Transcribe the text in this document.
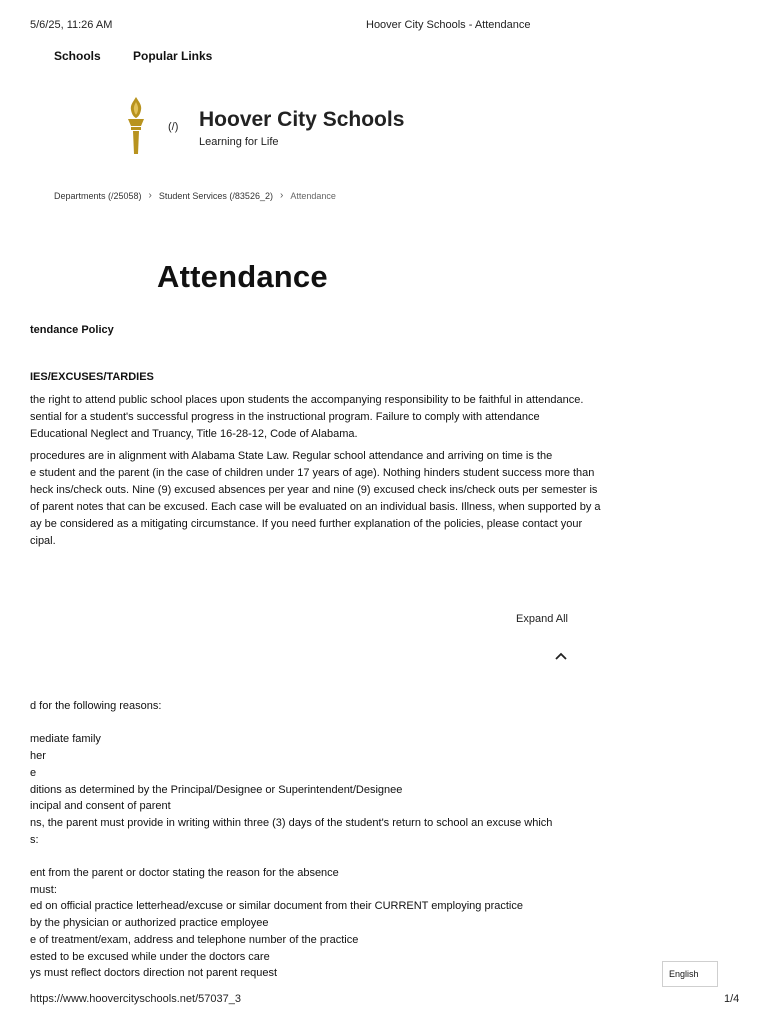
5/6/25, 11:26 AM	Hoover City Schools - Attendance
Schools	Popular Links
(/) Hoover City Schools
Learning for Life
Departments (/25058) › Student Services (/83526_2) › Attendance
Attendance
tendance Policy
IES/EXCUSES/TARDIES
the right to attend public school places upon students the accompanying responsibility to be faithful in attendance.
sential for a student's successful progress in the instructional program. Failure to comply with attendance
Educational Neglect and Truancy, Title 16-28-12, Code of Alabama.
procedures are in alignment with Alabama State Law. Regular school attendance and arriving on time is the
e student and the parent (in the case of children under 17 years of age). Nothing hinders student success more than
heck ins/check outs. Nine (9) excused absences per year and nine (9) excused check ins/check outs per semester is
of parent notes that can be excused. Each case will be evaluated on an individual basis. Illness, when supported by a
ay be considered as a mitigating circumstance. If you need further explanation of the policies, please contact your
cipal.
Expand All
d for the following reasons:

mediate family
her
e
ditions as determined by the Principal/Designee or Superintendent/Designee
incipal and consent of parent
ns, the parent must provide in writing within three (3) days of the student's return to school an excuse which
s:

ent from the parent or doctor stating the reason for the absence
must:
ed on official practice letterhead/excuse or similar document from their CURRENT employing practice
by the physician or authorized practice employee
e of treatment/exam, address and telephone number of the practice
ested to be excused while under the doctors care
ys must reflect doctors direction not parent request	English
https://www.hoovercityschools.net/57037_3	1/4
